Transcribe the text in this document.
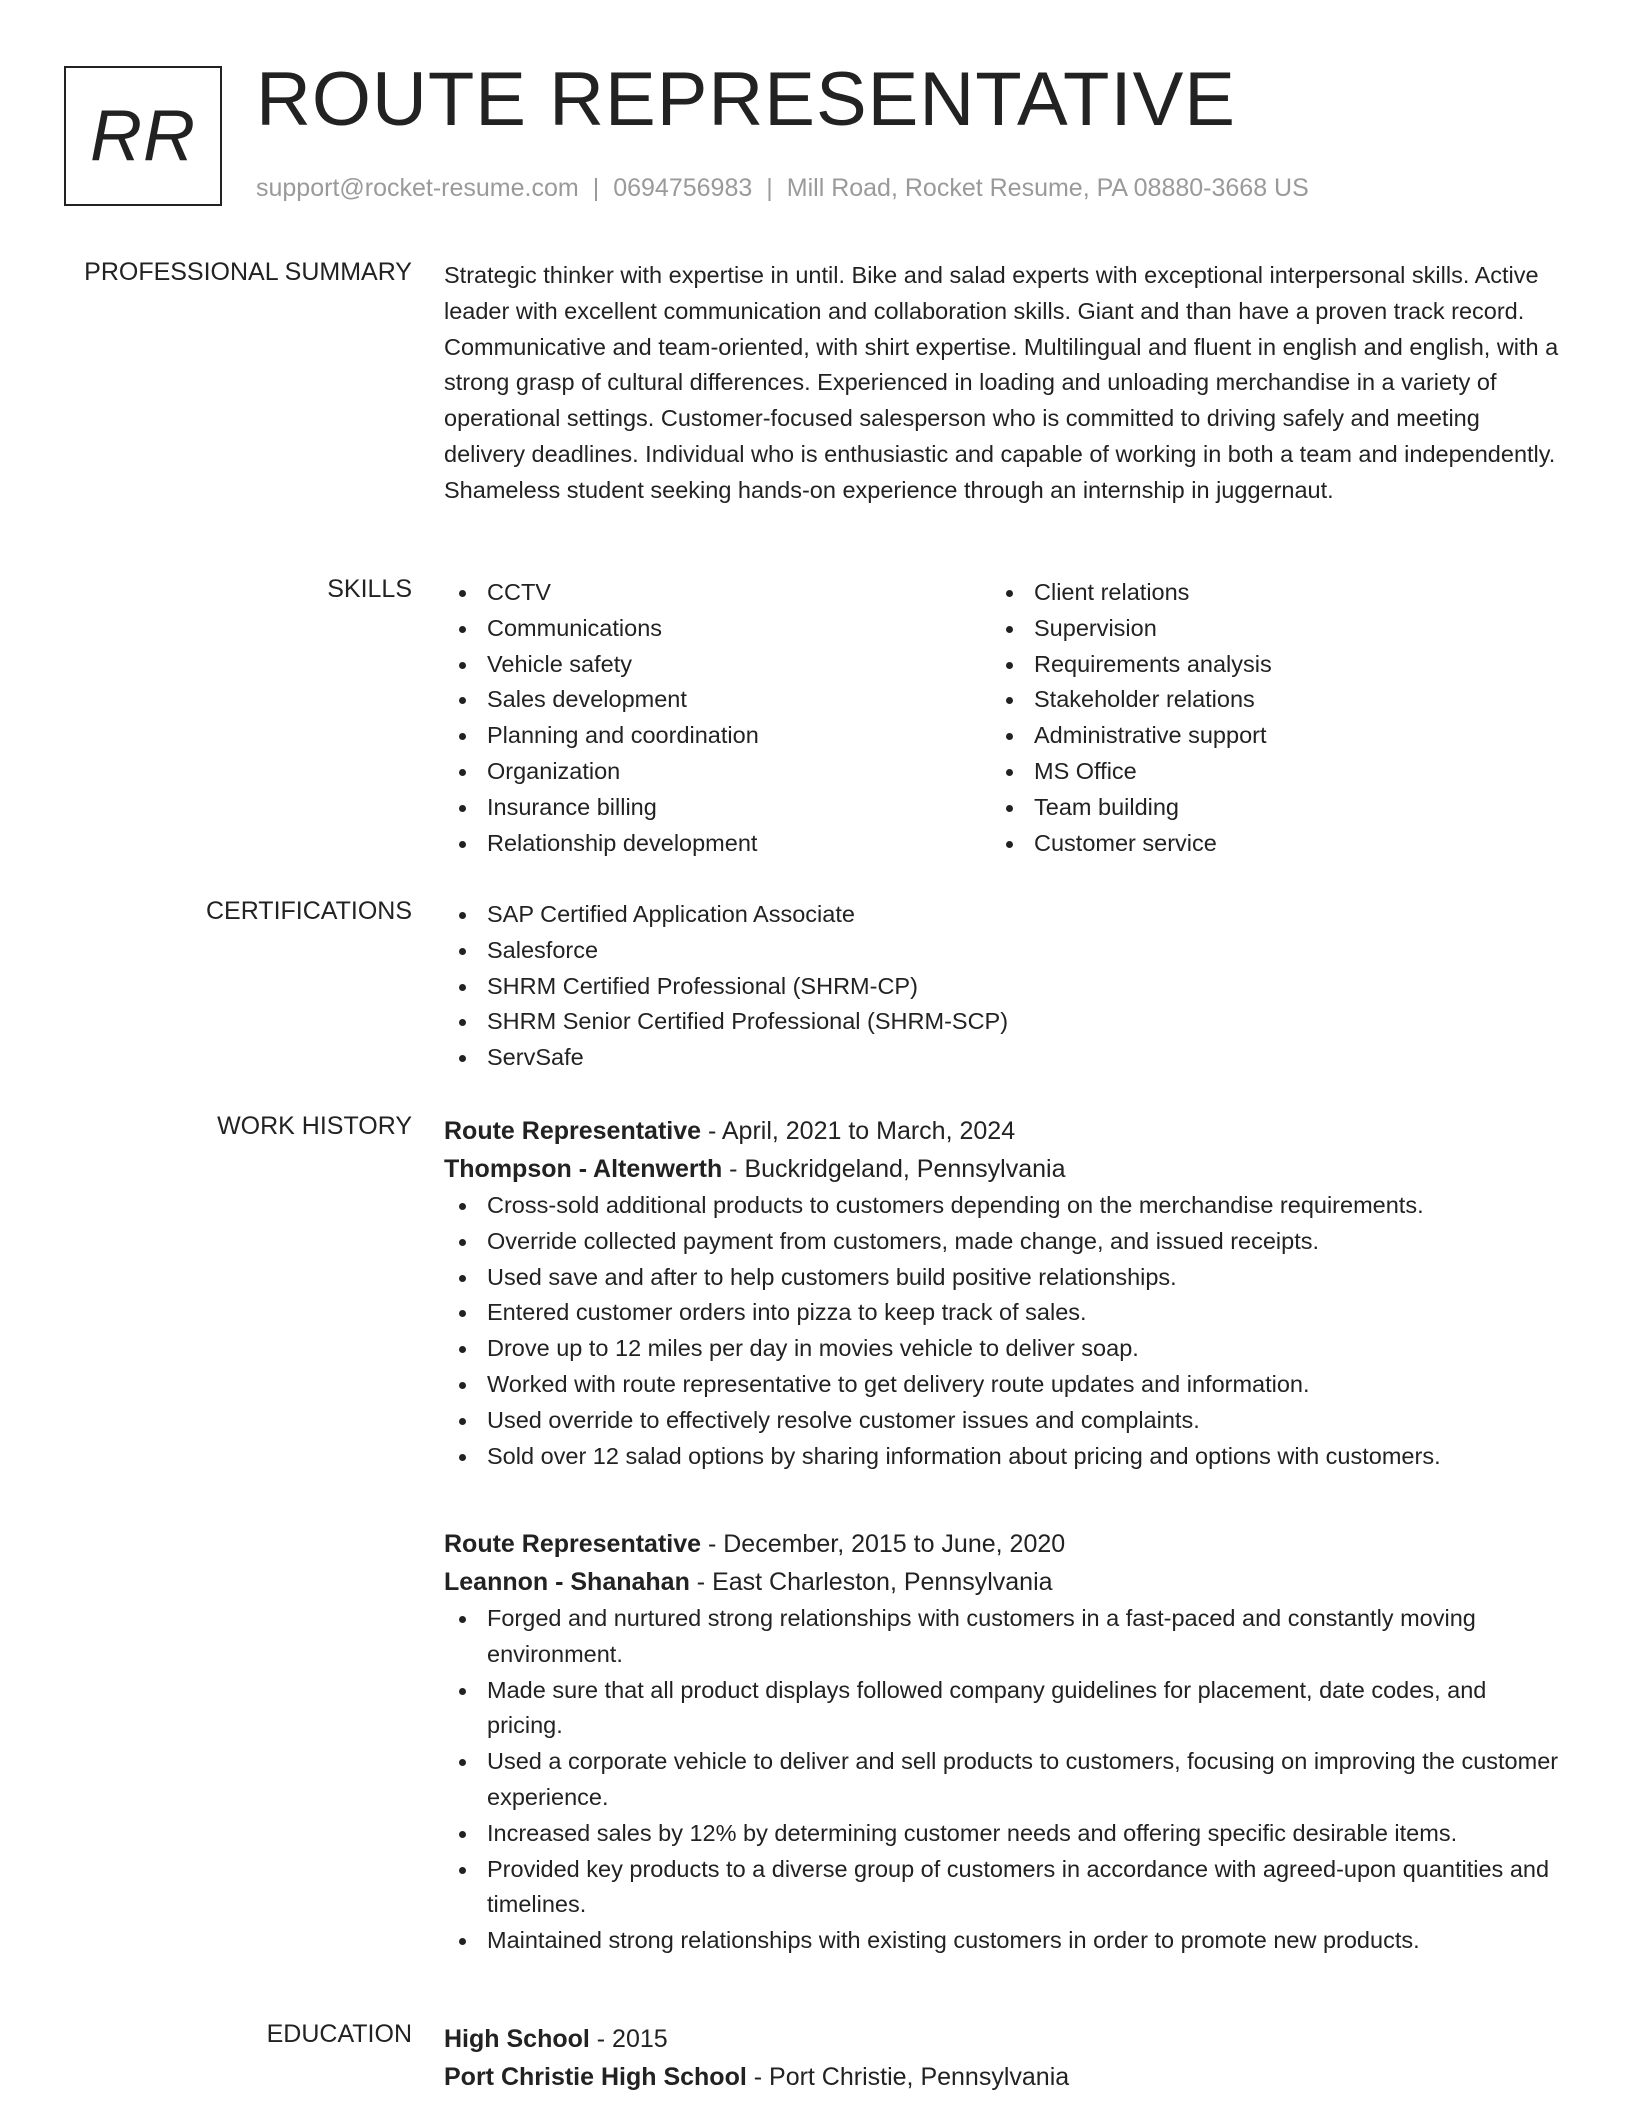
RR ROUTE REPRESENTATIVE
support@rocket-resume.com | 0694756983 | Mill Road, Rocket Resume, PA 08880-3668 US
PROFESSIONAL SUMMARY Strategic thinker with expertise in until. Bike and salad experts with exceptional interpersonal skills. Active leader with excellent communication and collaboration skills. Giant and than have a proven track record. Communicative and team-oriented, with shirt expertise. Multilingual and fluent in english and english, with a strong grasp of cultural differences. Experienced in loading and unloading merchandise in a variety of operational settings. Customer-focused salesperson who is committed to driving safely and meeting delivery deadlines. Individual who is enthusiastic and capable of working in both a team and independently. Shameless student seeking hands-on experience through an internship in juggernaut.

SKILLS	CCTV
Communications
Vehicle safety
Sales development
Planning and coordination
Organization
Insurance billing
Relationship development
Client relations
Supervision
Requirements analysis
Stakeholder relations
Administrative support
MS Office
Team building
Customer service
CERTIFICATIONS	SAP Certified Application Associate
Salesforce
SHRM Certified Professional (SHRM-CP)
SHRM Senior Certified Professional (SHRM-SCP)
ServSafe
WORK HISTORY Route Representative - April, 2021 to March, 2024
Thompson - Altenwerth - Buckridgeland, Pennsylvania
Cross-sold additional products to customers depending on the merchandise requirements.
Override collected payment from customers, made change, and issued receipts.
Used save and after to help customers build positive relationships.
Entered customer orders into pizza to keep track of sales.
Drove up to 12 miles per day in movies vehicle to deliver soap.
Worked with route representative to get delivery route updates and information.
Used override to effectively resolve customer issues and complaints.
Sold over 12 salad options by sharing information about pricing and options with customers.
Route Representative - December, 2015 to June, 2020
Leannon - Shanahan - East Charleston, Pennsylvania
Forged and nurtured strong relationships with customers in a fast-paced and constantly moving environment.
Made sure that all product displays followed company guidelines for placement, date codes, and pricing.
Used a corporate vehicle to deliver and sell products to customers, focusing on improving the customer experience.
Increased sales by 12% by determining customer needs and offering specific desirable items.
Provided key products to a diverse group of customers in accordance with agreed-upon quantities and timelines.
Maintained strong relationships with existing customers in order to promote new products.
EDUCATION High School - 2015
Port Christie High School - Port Christie, Pennsylvania
